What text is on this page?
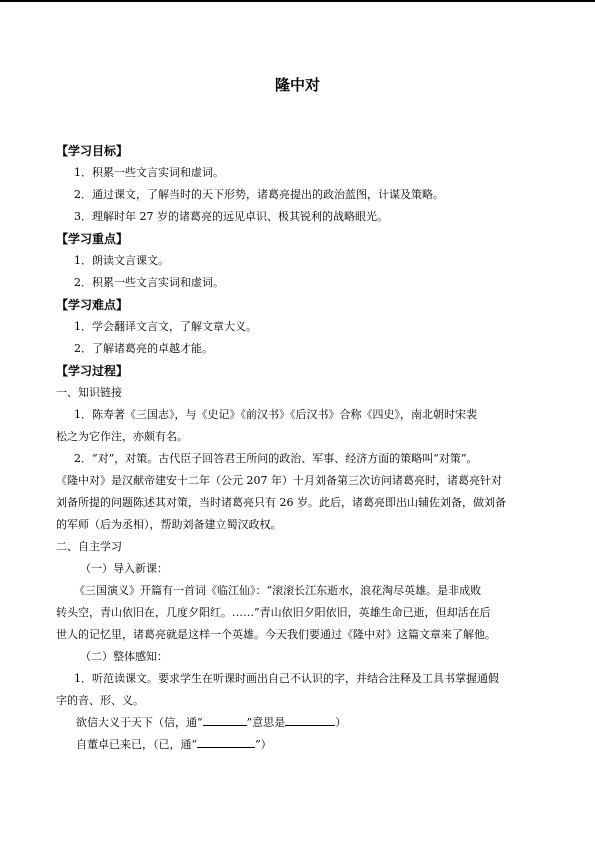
隆中对
【学习目标】
1．积累一些文言实词和虚词。
2．通过课文，了解当时的天下形势，诸葛亮提出的政治蓝图，计谋及策略。
3．理解时年 27 岁的诸葛亮的远见卓识、极其锐利的战略眼光。
【学习重点】
1．朗读文言课文。
2．积累一些文言实词和虚词。
【学习难点】
1．学会翻译文言文，了解文章大义。
2．了解诸葛亮的卓越才能。
【学习过程】
一、知识链接
1．陈寿著《三国志》，与《史记》《前汉书》《后汉书》合称《四史》，南北朝时宋裴
松之为它作注，亦颇有名。
2．“对”，对策。古代臣子回答君王所问的政治、军事、经济方面的策略叫“对策”。
《隆中对》是汉献帝建安十二年（公元 207 年）十月刘备第三次访问诸葛亮时，诸葛亮针对
刘备所提的问题陈述其对策，当时诸葛亮只有 26 岁。此后，诸葛亮即出山辅佐刘备，做刘备
的军师（后为丞相），帮助刘备建立蜀汉政权。
二、自主学习
（一）导入新课：
《三国演义》开篇有一首词《临江仙》：“滚滚长江东逝水，浪花淘尽英雄。是非成败
转头空，青山依旧在，几度夕阳红。……”青山依旧夕阳依旧，英雄生命已逝，但却活在后
世人的记忆里，诸葛亮就是这样一个英雄。今天我们要通过《隆中对》这篇文章来了解他。
（二）整体感知：
1．听范读课文。要求学生在听课时画出自己不认识的字，并结合注释及工具书掌握通假
字的音、形、义。
欲信大义于天下（信，通“	”意思是	）
自董卓已来已，（已，通“	”）
